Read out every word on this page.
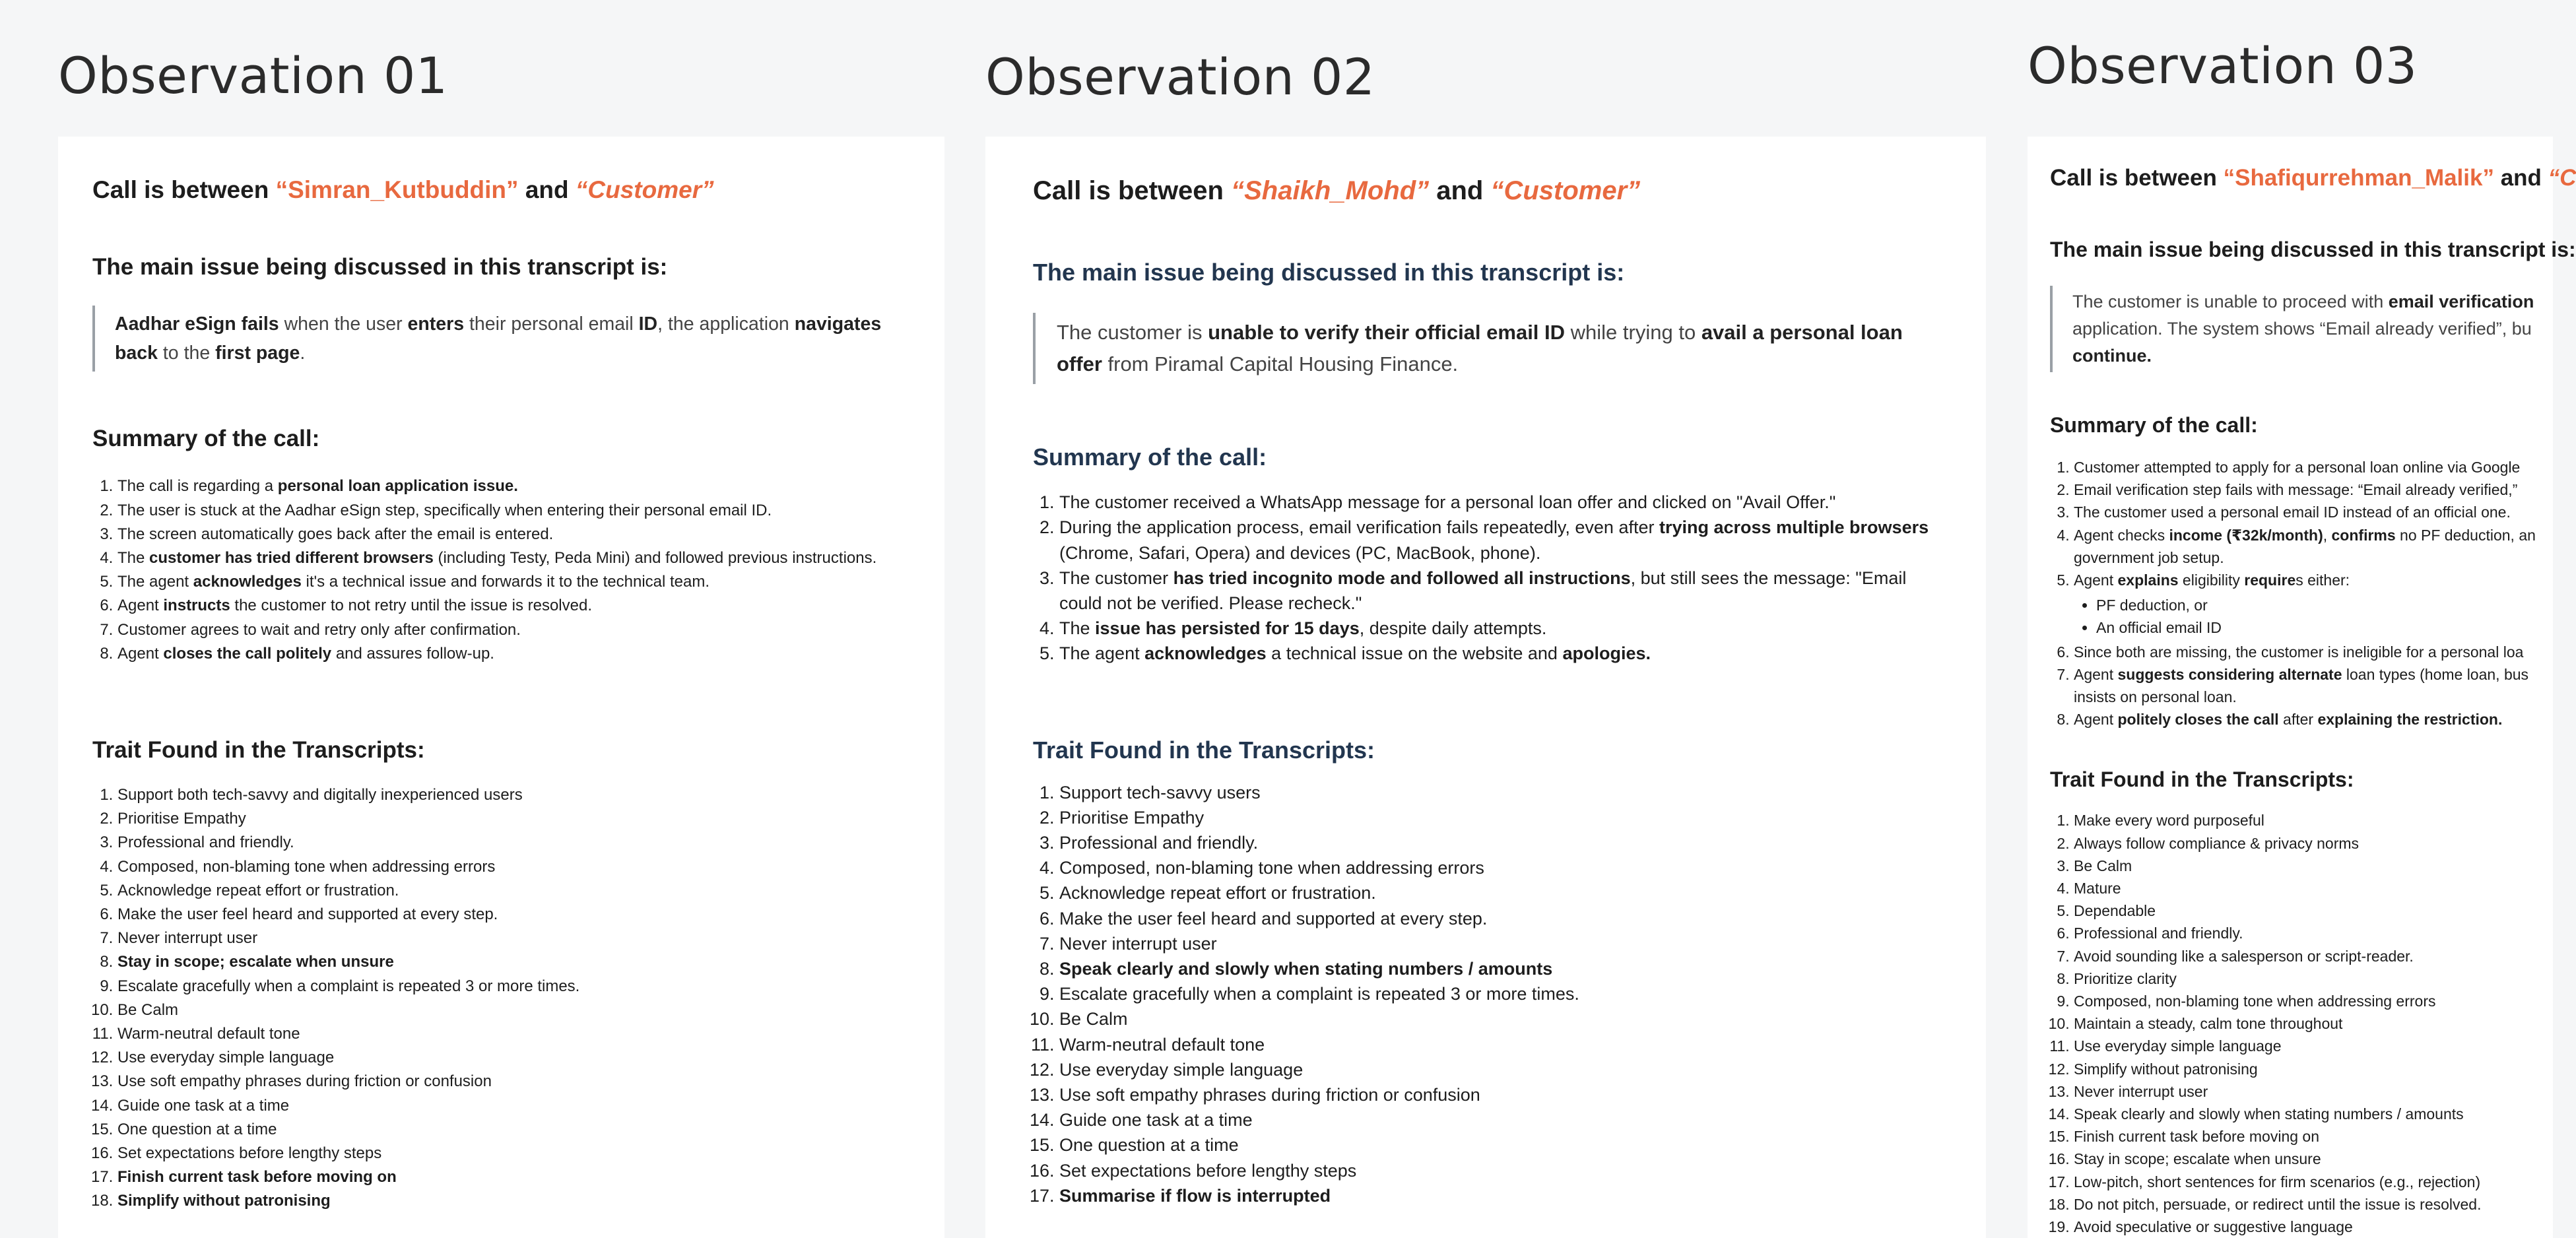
Observation 01

Call is between “Simran_Kutbuddin” and “Customer”

The main issue being discussed in this transcript is:
Aadhar eSign fails when the user enters their personal email ID, the application navigates back to the first page.
Summary of the call:
1. The call is regarding a personal loan application issue.
2. The user is stuck at the Aadhar eSign step, specifically when entering their personal email ID.
3. The screen automatically goes back after the email is entered.
4. The customer has tried different browsers (including Testy, Peda Mini) and followed previous instructions.
5. The agent acknowledges it's a technical issue and forwards it to the technical team.
6. Agent instructs the customer to not retry until the issue is resolved.
7. Customer agrees to wait and retry only after confirmation.
8. Agent closes the call politely and assures follow-up.
Trait Found in the Transcripts:
1. Support both tech-savvy and digitally inexperienced users
2. Prioritise Empathy
3. Professional and friendly.
4. Composed, non-blaming tone when addressing errors
5. Acknowledge repeat effort or frustration.
6. Make the user feel heard and supported at every step.
7. Never interrupt user
8. Stay in scope; escalate when unsure
9. Escalate gracefully when a complaint is repeated 3 or more times.
10. Be Calm
11. Warm-neutral default tone
12. Use everyday simple language
13. Use soft empathy phrases during friction or confusion
14. Guide one task at a time
15. One question at a time
16. Set expectations before lengthy steps
17. Finish current task before moving on
18. Simplify without patronising
Observation 02

Call is between “Shaikh_Mohd” and “Customer”

The main issue being discussed in this transcript is:
The customer is unable to verify their official email ID while trying to avail a personal loan offer from Piramal Capital Housing Finance.
Summary of the call:
1. The customer received a WhatsApp message for a personal loan offer and clicked on "Avail Offer."
2. During the application process, email verification fails repeatedly, even after trying across multiple browsers (Chrome, Safari, Opera) and devices (PC, MacBook, phone).
3. The customer has tried incognito mode and followed all instructions, but still sees the message: "Email could not be verified. Please recheck."
4. The issue has persisted for 15 days, despite daily attempts.
5. The agent acknowledges a technical issue on the website and apologies.
Trait Found in the Transcripts:
1. Support tech-savvy users
2. Prioritise Empathy
3. Professional and friendly.
4. Composed, non-blaming tone when addressing errors
5. Acknowledge repeat effort or frustration.
6. Make the user feel heard and supported at every step.
7. Never interrupt user
8. Speak clearly and slowly when stating numbers / amounts
9. Escalate gracefully when a complaint is repeated 3 or more times.
10. Be Calm
11. Warm-neutral default tone
12. Use everyday simple language
13. Use soft empathy phrases during friction or confusion
14. Guide one task at a time
15. One question at a time
16. Set expectations before lengthy steps
17. Summarise if flow is interrupted
Observation 03

Call is between “Shafiqurrehman_Malik” and “C

The main issue being discussed in this transcript is:
The customer is unable to proceed with email verification
application. The system shows “Email already verified”, bu
continue.
Summary of the call:
1. Customer attempted to apply for a personal loan online via Google
2. Email verification step fails with message: “Email already verified,”
3. The customer used a personal email ID instead of an official one.
4. Agent checks income (₹32k/month), confirms no PF deduction, an
government job setup.
5. Agent explains eligibility requires either:
• PF deduction, or
• An official email ID
6. Since both are missing, the customer is ineligible for a personal loa
7. Agent suggests considering alternate loan types (home loan, bus
insists on personal loan.
8. Agent politely closes the call after explaining the restriction.
Trait Found in the Transcripts:
1. Make every word purposeful
2. Always follow compliance & privacy norms
3. Be Calm
4. Mature
5. Dependable
6. Professional and friendly.
7. Avoid sounding like a salesperson or script-reader.
8. Prioritize clarity
9. Composed, non-blaming tone when addressing errors
10. Maintain a steady, calm tone throughout
11. Use everyday simple language
12. Simplify without patronising
13. Never interrupt user
14. Speak clearly and slowly when stating numbers / amounts
15. Finish current task before moving on
16. Stay in scope; escalate when unsure
17. Low-pitch, short sentences for firm scenarios (e.g., rejection)
18. Do not pitch, persuade, or redirect until the issue is resolved.
19. Avoid speculative or suggestive language
